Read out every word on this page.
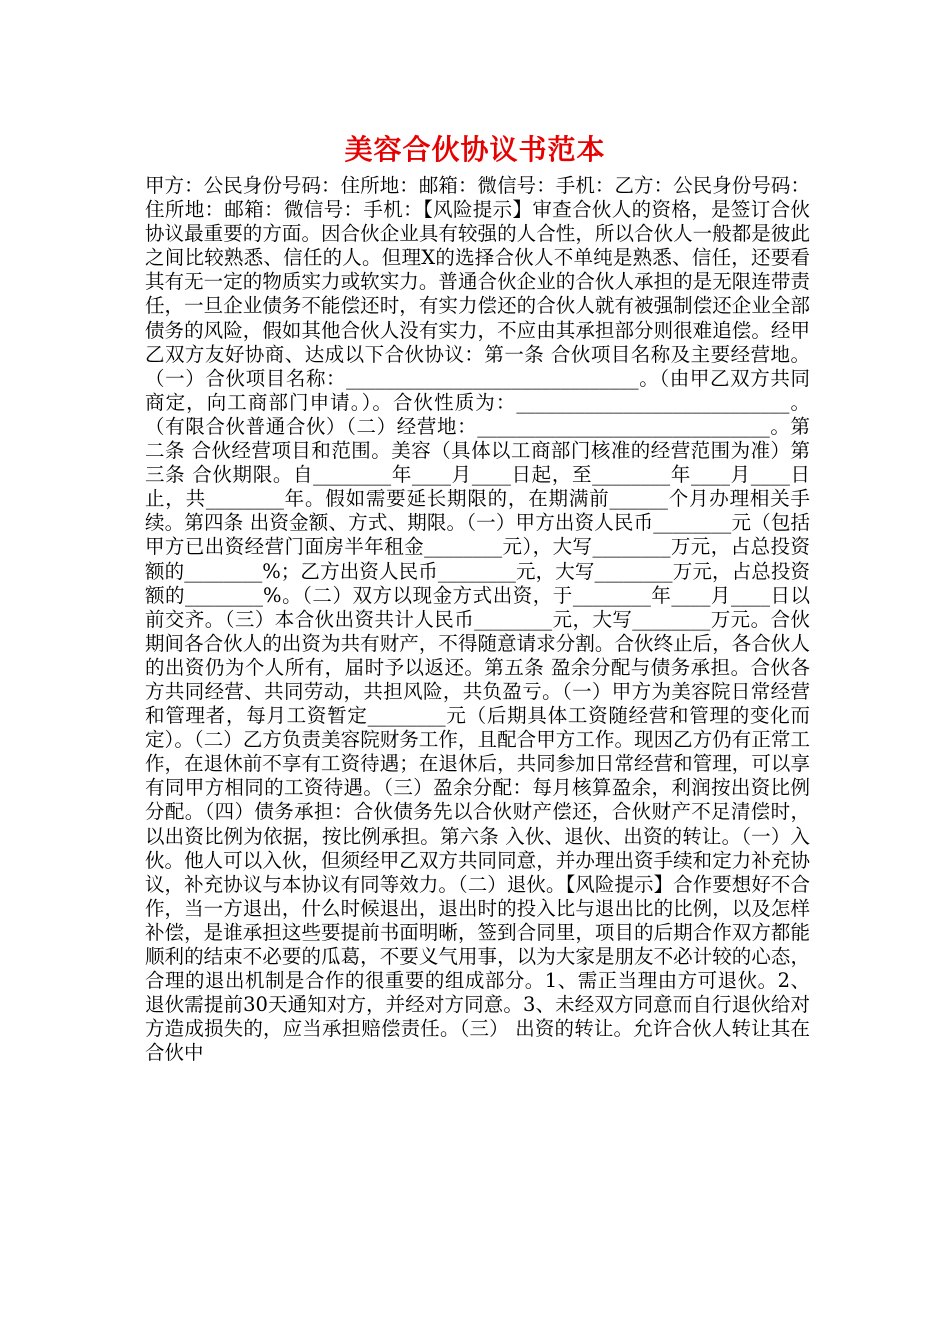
美容合伙协议书范本
甲方：公民身份号码：住所地：邮箱：微信号：手机：乙方：公民身份号码：住所地：邮箱：微信号：手机：【风险提示】审查合伙人的资格，是签订合伙协议最重要的方面。因合伙企业具有较强的人合性，所以合伙人一般都是彼此之间比较熟悉、信任的人。但理X的选择合伙人不单纯是熟悉、信任，还要看其有无一定的物质实力或软实力。普通合伙企业的合伙人承担的是无限连带责任，一旦企业债务不能偿还时，有实力偿还的合伙人就有被强制偿还企业全部债务的风险，假如其他合伙人没有实力，不应由其承担部分则很难追偿。经甲乙双方友好协商、达成以下合伙协议：第一条 合伙项目名称及主要经营地。（一）合伙项目名称：______________________________。（由甲乙双方共同商定，向工商部门申请。）。合伙性质为：____________________________。（有限合伙普通合伙）（二）经营地：______________________________。第二条 合伙经营项目和范围。美容（具体以工商部门核准的经营范围为准）第三条 合伙期限。自________年____月____日起，至________年____月____日止，共________年。假如需要延长期限的，在期满前______个月办理相关手续。第四条 出资金额、方式、期限。（一）甲方出资人民币________元（包括甲方已出资经营门面房半年租金________元），大写________万元，占总投资额的________%；乙方出资人民币________元，大写________万元，占总投资额的________%。（二）双方以现金方式出资，于________年____月____日以前交齐。（三）本合伙出资共计人民币________元，大写________万元。合伙期间各合伙人的出资为共有财产，不得随意请求分割。合伙终止后，各合伙人的出资仍为个人所有，届时予以返还。第五条 盈余分配与债务承担。合伙各方共同经营、共同劳动，共担风险，共负盈亏。（一）甲方为美容院日常经营和管理者，每月工资暂定________元（后期具体工资随经营和管理的变化而定）。（二）乙方负责美容院财务工作，且配合甲方工作。现因乙方仍有正常工作，在退休前不享有工资待遇；在退休后，共同参加日常经营和管理，可以享有同甲方相同的工资待遇。（三）盈余分配：每月核算盈余，利润按出资比例分配。（四）债务承担：合伙债务先以合伙财产偿还，合伙财产不足清偿时，以出资比例为依据，按比例承担。第六条 入伙、退伙、出资的转让。（一）入伙。他人可以入伙，但须经甲乙双方共同同意，并办理出资手续和定力补充协议，补充协议与本协议有同等效力。（二）退伙。【风险提示】合作要想好不合作，当一方退出，什么时候退出，退出时的投入比与退出比的比例，以及怎样补偿，是谁承担这些要提前书面明晰，签到合同里，项目的后期合作双方都能顺利的结束不必要的瓜葛，不要义气用事，以为大家是朋友不必计较的心态，合理的退出机制是合作的很重要的组成部分。1、需正当理由方可退伙。2、退伙需提前30天通知对方，并经对方同意。3、未经双方同意而自行退伙给对方造成损失的，应当承担赔偿责任。（三） 出资的转让。允许合伙人转让其在合伙中
